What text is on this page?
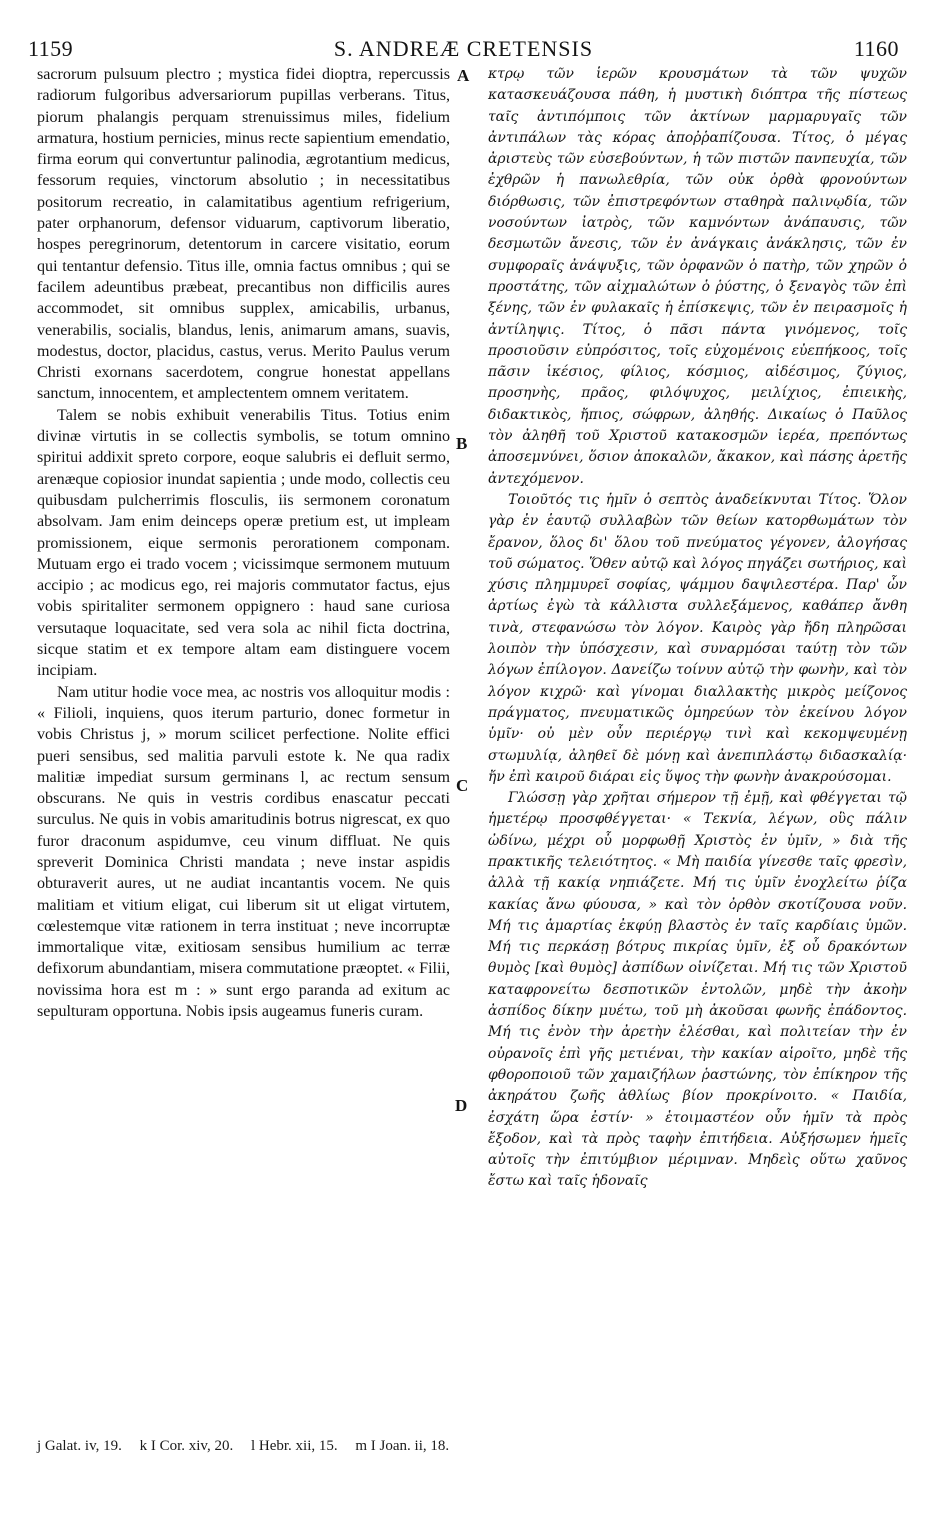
1159	S. ANDREÆ CRETENSIS	1160
A
B
C
D

sacrorum pulsuum plectro ; mystica fidei dioptra, repercussis radiorum fulgoribus adversariorum pupillas verberans. Titus, piorum phalangis perquam strenuissimus miles, fidelium armatura, hostium pernicies, minus recte sapientium emendatio, firma eorum qui convertuntur palinodia, ægrotantium medicus, fessorum requies, vinctorum absolutio ; in necessitatibus positorum recreatio, in calamitatibus agentium refrigerium, pater orphanorum, defensor viduarum, captivorum liberatio, hospes peregrinorum, detentorum in carcere visitatio, eorum qui tentantur defensio. Titus ille, omnia factus omnibus ; qui se facilem adeuntibus præbeat, precantibus non difficilis aures accommodet, sit omnibus supplex, amicabilis, urbanus, venerabilis, socialis, blandus, lenis, animarum amans, suavis, modestus, doctor, placidus, castus, verus. Merito Paulus verum Christi exornans sacerdotem, congrue honestat appellans sanctum, innocentem, et amplectentem omnem veritatem.

Talem se nobis exhibuit venerabilis Titus. Totius enim divinæ virtutis in se collectis symbolis, se totum omnino spiritui addixit spreto corpore, eoque salubris ei defluit sermo, arenæque copiosior inundat sapientia ; unde modo, collectis ceu quibusdam pulcherrimis flosculis, iis sermonem coronatum absolvam. Jam enim deinceps operæ pretium est, ut impleam promissionem, eique sermonis perorationem componam. Mutuam ergo ei trado vocem ; vicissimque sermonem mutuum accipio ; ac modicus ego, rei majoris commutator factus, ejus vobis spiritaliter sermonem oppignero : haud sane curiosa versutaque loquacitate, sed vera sola ac nihil ficta doctrina, sicque statim et ex tempore altam eam distinguere vocem incipiam.

Nam utitur hodie voce mea, ac nostris vos alloquitur modis : « Filioli, inquiens, quos iterum parturio, donec formetur in vobis Christus j, » morum scilicet perfectione. Nolite effici pueri sensibus, sed malitia parvuli estote k. Ne qua radix malitiæ impediat sursum germinans l, ac rectum sensum obscurans. Ne quis in vestris cordibus enascatur peccati surculus. Ne quis in vobis amaritudinis botrus nigrescat, ex quo furor draconum aspidumve, ceu vinum diffluat. Ne quis spreverit Dominica Christi mandata ; neve instar aspidis obturaverit aures, ut ne audiat incantantis vocem. Ne quis malitiam et vitium eligat, cui liberum sit ut eligat virtutem, cœlestemque vitæ rationem in terra instituat ; neve incorruptæ immortalique vitæ, exitiosam sensibus humilium ac terræ defixorum abundantiam, misera commutatione præoptet. « Filii, novissima hora est m : » sunt ergo paranda ad exitum ac sepulturam opportuna. Nobis ipsis augeamus funeris curam.

κτρῳ τῶν ἱερῶν κρουσμάτων τὰ τῶν ψυχῶν κατασκευάζουσα πάθη, ἡ μυστικὴ διόπτρα τῆς πίστεως ταῖς ἀντιπόμποις τῶν ἀκτίνων μαρμαρυγαῖς τῶν ἀντιπάλων τὰς κόρας ἀποῤῥαπίζουσα. Τίτος, ὁ μέγας ἀριστεὺς τῶν εὐσεβούντων, ἡ τῶν πιστῶν πανπευχία, τῶν ἐχθρῶν ἡ πανωλεθρία, τῶν οὐκ ὀρθὰ φρονούντων διόρθωσις, τῶν ἐπιστρεφόντων σταθηρὰ παλινῳδία, τῶν νοσούντων ἰατρὸς, τῶν καμνόντων ἀνάπαυσις, τῶν δεσμωτῶν ἄνεσις, τῶν ἐν ἀνάγκαις ἀνάκλησις, τῶν ἐν συμφοραῖς ἀνάψυξις, τῶν ὀρφανῶν ὁ πατὴρ, τῶν χηρῶν ὁ προστάτης, τῶν αἰχμαλώτων ὁ ῥύστης, ὁ ξεναγὸς τῶν ἐπὶ ξένης, τῶν ἐν φυλακαῖς ἡ ἐπίσκεψις, τῶν ἐν πειρασμοῖς ἡ ἀντίληψις. Τίτος, ὁ πᾶσι πάντα γινόμενος, τοῖς προσιοῦσιν εὐπρόσιτος, τοῖς εὐχομένοις εὐεπήκοος, τοῖς πᾶσιν ἱκέσιος, φίλιος, κόσμιος, αἰδέσιμος, ζύγιος, προσηνὴς, πρᾶος, φιλόψυχος, μειλίχιος, ἐπιεικὴς, διδακτικὸς, ἤπιος, σώφρων, ἀληθής. Δικαίως ὁ Παῦλος τὸν ἀληθῆ τοῦ Χριστοῦ κατακοσμῶν ἱερέα, πρεπόντως ἀποσεμνύνει, ὅσιον ἀποκαλῶν, ἄκακον, καὶ πάσης ἀρετῆς ἀντεχόμενον.

Τοιοῦτός τις ἡμῖν ὁ σεπτὸς ἀναδείκνυται Τίτος. Ὅλον γὰρ ἐν ἑαυτῷ συλλαβὼν τῶν θείων κατορθωμάτων τὸν ἔρανον, ὅλος δι' ὅλου τοῦ πνεύματος γέγονεν, ἀλογήσας τοῦ σώματος. Ὅθεν αὐτῷ καὶ λόγος πηγάζει σωτήριος, καὶ χύσις πλημμυρεῖ σοφίας, ψάμμου δαψιλεστέρα. Παρ' ὧν ἀρτίως ἐγὼ τὰ κάλλιστα συλλεξάμενος, καθάπερ ἄνθη τινὰ, στεφανώσω τὸν λόγον. Καιρὸς γὰρ ἤδη πληρῶσαι λοιπὸν τὴν ὑπόσχεσιν, καὶ συναρμόσαι ταύτῃ τὸν τῶν λόγων ἐπίλογον. Δανείζω τοίνυν αὐτῷ τὴν φωνὴν, καὶ τὸν λόγον κιχρῶ· καὶ γίνομαι διαλλακτὴς μικρὸς μείζονος πράγματος, πνευματικῶς ὁμηρεύων τὸν ἐκείνου λόγον ὑμῖν· οὐ μὲν οὖν περιέργῳ τινὶ καὶ κεκομψευμένῃ στωμυλίᾳ, ἀληθεῖ δὲ μόνῃ καὶ ἀνεπιπλάστῳ διδασκαλίᾳ· ἤν ἐπὶ καιροῦ διάραι εἰς ὕψος τὴν φωνὴν ἀνακρούσομαι.

Γλώσσῃ γὰρ χρῆται σήμερον τῇ ἐμῇ, καὶ φθέγγεται τῷ ἡμετέρῳ προσφθέγγεται· « Τεκνία, λέγων, οὓς πάλιν ὠδίνω, μέχρι οὗ μορφωθῇ Χριστὸς ἐν ὑμῖν, » διὰ τῆς πρακτικῆς τελειότητος. « Μὴ παιδία γίνεσθε ταῖς φρεσὶν, ἀλλὰ τῇ κακίᾳ νηπιάζετε. Μή τις ὑμῖν ἐνοχλείτω ῥίζα κακίας ἄνω φύουσα, » καὶ τὸν ὀρθὸν σκοτίζουσα νοῦν. Μή τις ἁμαρτίας ἐκφύῃ βλαστὸς ἐν ταῖς καρδίαις ὑμῶν. Μή τις περκάσῃ βότρυς πικρίας ὑμῖν, ἐξ οὗ δρακόντων θυμὸς [καὶ θυμὸς] ἀσπίδων οἰνίζεται. Μή τις τῶν Χριστοῦ καταφρονείτω δεσποτικῶν ἐντολῶν, μηδὲ τὴν ἀκοὴν ἀσπίδος δίκην μυέτω, τοῦ μὴ ἀκοῦσαι φωνῆς ἐπάδοντος. Μή τις ἐνὸν τὴν ἀρετὴν ἑλέσθαι, καὶ πολιτείαν τὴν ἐν οὐρανοῖς ἐπὶ γῆς μετιέναι, τὴν κακίαν αἱροῖτο, μηδὲ τῆς φθοροποιοῦ τῶν χαμαιζήλων ῥαστώνης, τὸν ἐπίκηρον τῆς ἀκηράτου ζωῆς ἀθλίως βίον προκρίνοιτο. « Παιδία, ἐσχάτη ὥρα ἐστίν· » ἑτοιμαστέον οὖν ἡμῖν τὰ πρὸς ἔξοδον, καὶ τὰ πρὸς ταφὴν ἐπιτήδεια. Αὐξήσωμεν ἡμεῖς αὐτοῖς τὴν ἐπιτύμβιον μέριμναν. Μηδεὶς οὕτω χαῦνος ἔστω καὶ ταῖς ἡδοναῖς

j Galat. iv, 19. k I Cor. xiv, 20. l Hebr. xii, 15. m I Joan. ii, 18.
